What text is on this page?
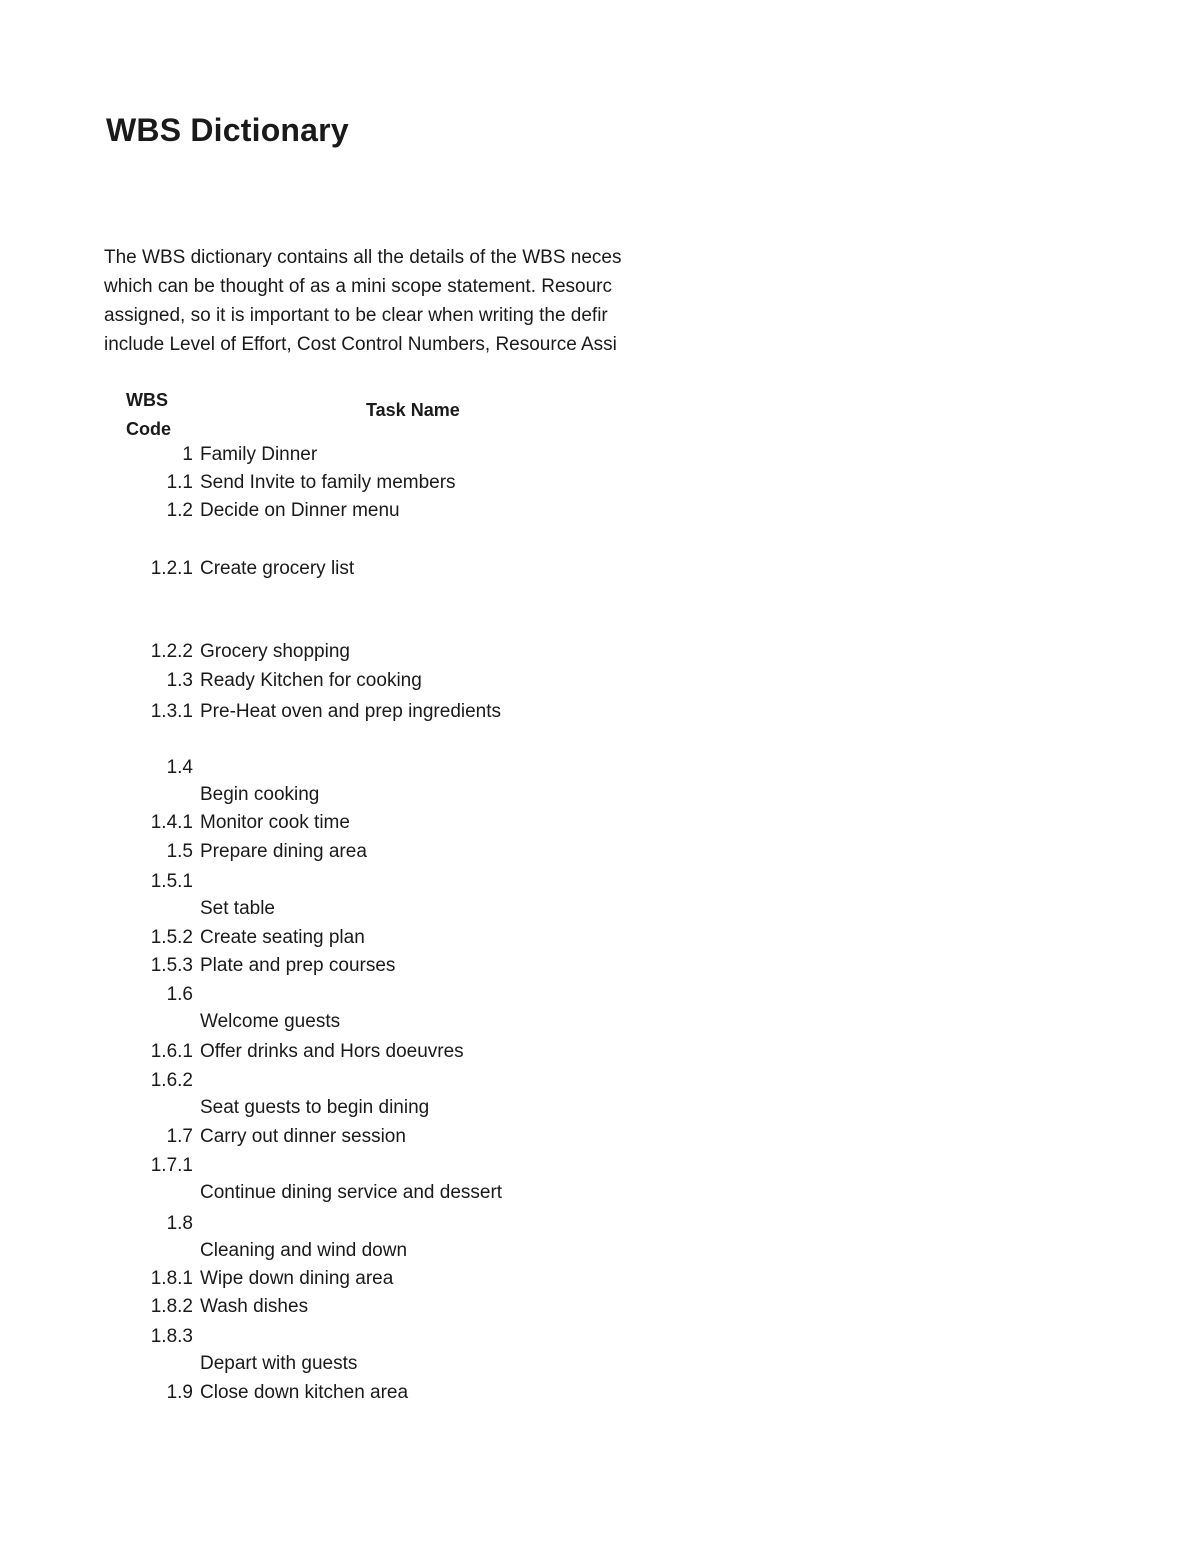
WBS Dictionary
The WBS dictionary contains all the details of the WBS neces
which can be thought of as a mini scope statement. Resourc
assigned, so it is important to be clear when writing the defir
include Level of Effort, Cost Control Numbers, Resource Assi
WBS
Code
Task Name
1 Family Dinner
1.1 Send Invite to family members
1.2 Decide on Dinner menu
1.2.1 Create grocery list
1.2.2 Grocery shopping
1.3 Ready Kitchen for cooking
1.3.1 Pre-Heat oven and prep ingredients
1.4
Begin cooking
1.4.1 Monitor cook time
1.5 Prepare dining area
1.5.1
Set table
1.5.2 Create seating plan
1.5.3 Plate and prep courses
1.6
Welcome guests
1.6.1 Offer drinks and Hors doeuvres
1.6.2
Seat guests to begin dining
1.7 Carry out dinner session
1.7.1
Continue dining service and dessert
1.8
Cleaning and wind down
1.8.1 Wipe down dining area
1.8.2 Wash dishes
1.8.3
Depart with guests
1.9 Close down kitchen area
